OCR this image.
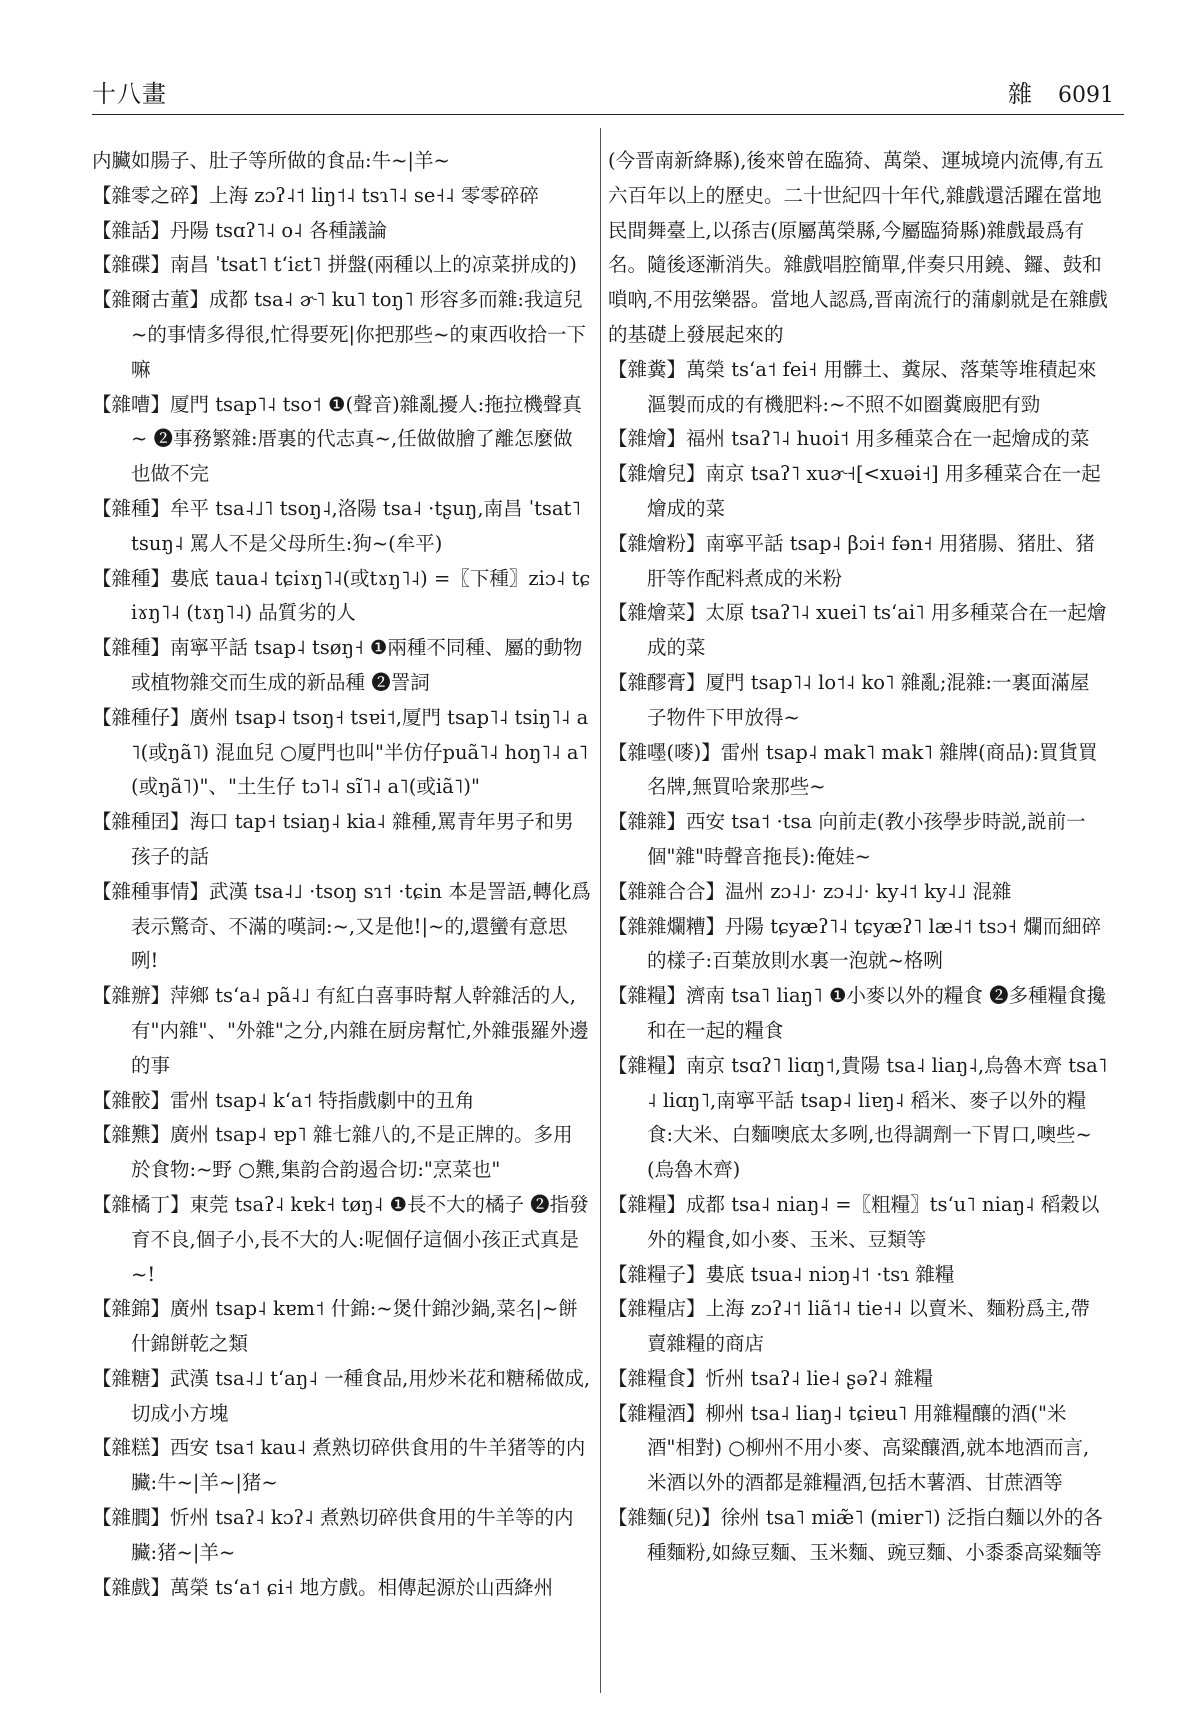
十八畫	雜 6091

内臟如腸子、肚子等所做的食品:牛~|羊~

【雜零之碎】上海 zɔʔ˨˦ liŋ˦˨ tsɿ˥˨ se˧˨ 零零碎碎

【雜話】丹陽 tsɑʔ˥˨ o˨ 各種議論

【雜碟】南昌 ˈtsat˥ tʻiɛt˥ 拼盤(兩種以上的凉菜拼成的)

【雜爾古董】成都 tsa˨ ɚ˥ ku˥ toŋ˥ 形容多而雜:我這兒~的事情多得很,忙得要死|你把那些~的東西收拾一下嘛

【雜嘈】厦門 tsap˥˨ tso˦ ❶(聲音)雜亂擾人:拖拉機聲真~ ❷事務繁雜:厝裏的代志真~,任做做膾了離怎麼做也做不完

【雜種】牟平 tsa˨˩˥ tsoŋ˨,洛陽 tsa˨ ·tʂuŋ,南昌 ˈtsat˥ tsuŋ˨ 罵人不是父母所生:狗~(牟平)

【雜種】婁底 taua˨ tɕiɤŋ˥˨(或tɤŋ˥˨) =〖下種〗ziɔ˨ tɕiɤŋ˥˨ (tɤŋ˥˨) 品質劣的人

【雜種】南寧平話 tsap˨ tsøŋ˧ ❶兩種不同種、屬的動物或植物雜交而生成的新品種 ❷詈詞

【雜種仔】廣州 tsap˨ tsoŋ˧ tsɐi˦,厦門 tsap˥˨ tsiŋ˥˨ a˥(或ŋã˥) 混血兒 ○厦門也叫"半仿仔puã˥˨ hoŋ˥˨ a˥(或ŋã˥)"、"土生仔 tɔ˥˨ sĩ˥˨ a˥(或iã˥)"

【雜種囝】海口 tap˧ tsiaŋ˨ kia˨ 雜種,罵青年男子和男孩子的話

【雜種事情】武漢 tsa˨˩ ·tsoŋ sɿ˦ ·tɕin 本是詈語,轉化爲表示驚奇、不滿的嘆詞:~,又是他!|~的,還蠻有意思咧!

【雜辦】萍鄉 tsʻa˨ pã˨˩ 有紅白喜事時幫人幹雜活的人,有"内雜"、"外雜"之分,内雜在厨房幫忙,外雜張羅外邊的事

【雜骹】雷州 tsap˨ kʻa˦ 特指戲劇中的丑角

【雜㸐】廣州 tsap˨ ɐp˥ 雜七雜八的,不是正牌的。多用於食物:~野 ○㸐,集韵合韵遏合切:"烹菜也"

【雜橘丁】東莞 tsaʔ˨ kɐk˧ tøŋ˨ ❶長不大的橘子 ❷指發育不良,個子小,長不大的人:呢個仔這個小孩正式真是~!

【雜錦】廣州 tsap˨ kɐm˦ 什錦:~煲什錦沙鍋,菜名|~餅什錦餅乾之類

【雜糖】武漢 tsa˨˩ tʻaŋ˨ 一種食品,用炒米花和糖稀做成,切成小方塊

【雜糕】西安 tsa˦ kau˨ 煮熟切碎供食用的牛羊猪等的内臟:牛~|羊~|猪~

【雜膶】忻州 tsaʔ˨ kɔʔ˨ 煮熟切碎供食用的牛羊等的内臟:猪~|羊~

【雜戲】萬榮 tsʻa˦ ɕi˧ 地方戲。相傳起源於山西絳州

(今晋南新絳縣),後來曾在臨猗、萬榮、運城境内流傳,有五六百年以上的歷史。二十世紀四十年代,雜戲還活躍在當地民間舞臺上,以孫吉(原屬萬榮縣,今屬臨猗縣)雜戲最爲有名。隨後逐漸消失。雜戲唱腔簡單,伴奏只用鐃、鑼、鼓和嗩吶,不用弦樂器。當地人認爲,晋南流行的蒲劇就是在雜戲的基礎上發展起來的

【雜糞】萬榮 tsʻa˦ fei˧ 用髒土、糞尿、落葉等堆積起來漚製而成的有機肥料:~不照不如圈糞廄肥有勁

【雜燴】福州 tsaʔ˥˨ huoi˦ 用多種菜合在一起燴成的菜

【雜燴兒】南京 tsaʔ˥ xuɚ˧[<xuəi˧] 用多種菜合在一起燴成的菜

【雜燴粉】南寧平話 tsap˨ βɔi˧ fən˧ 用猪腸、猪肚、猪肝等作配料煮成的米粉

【雜燴菜】太原 tsaʔ˥˨ xuei˥ tsʻai˥ 用多種菜合在一起燴成的菜

【雜醪膏】厦門 tsap˥˨ lo˦˨ ko˥ 雜亂;混雜:一裏面滿屋子物件下甲放得~

【雜嚜(嘜)】雷州 tsap˨ mak˥ mak˥ 雜牌(商品):買貨買名牌,無買哈衆那些~

【雜雜】西安 tsa˦ ·tsa 向前走(教小孩學步時説,説前一個"雜"時聲音拖長):俺娃~

【雜雜合合】温州 zɔ˨˩· zɔ˨˩· ky˨˦ ky˨˩ 混雜

【雜雜爛糟】丹陽 tɕyæʔ˥˨ tɕyæʔ˥ læ˨˦ tsɔ˧ 爛而細碎的樣子:百葉放則水裏一泡就~格咧

【雜糧】濟南 tsa˥ liaŋ˥ ❶小麥以外的糧食 ❷多種糧食攙和在一起的糧食

【雜糧】南京 tsɑʔ˥ liɑŋ˦,貴陽 tsa˨ liaŋ˨,烏魯木齊 tsa˥˨ liɑŋ˥,南寧平話 tsap˨ liɐŋ˨ 稻米、麥子以外的糧食:大米、白麵噢底太多咧,也得調劑一下胃口,噢些~(烏魯木齊)

【雜糧】成都 tsa˨ niaŋ˨ =〖粗糧〗tsʻu˥ niaŋ˨ 稻穀以外的糧食,如小麥、玉米、豆類等

【雜糧子】婁底 tsua˨ niɔŋ˨˦ ·tsɿ 雜糧

【雜糧店】上海 zɔʔ˨˦ liã˦˨ tie˧˨ 以賣米、麵粉爲主,帶賣雜糧的商店

【雜糧食】忻州 tsaʔ˨ lie˨ ʂəʔ˨ 雜糧

【雜糧酒】柳州 tsa˨ liaŋ˨ tɕiɐu˥ 用雜糧釀的酒("米酒"相對) ○柳州不用小麥、高粱釀酒,就本地酒而言,米酒以外的酒都是雜糧酒,包括木薯酒、甘蔗酒等

【雜麵(兒)】徐州 tsa˥ miæ̃˥ (miɐr˥) 泛指白麵以外的各種麵粉,如綠豆麵、玉米麵、豌豆麵、小黍黍高粱麵等
